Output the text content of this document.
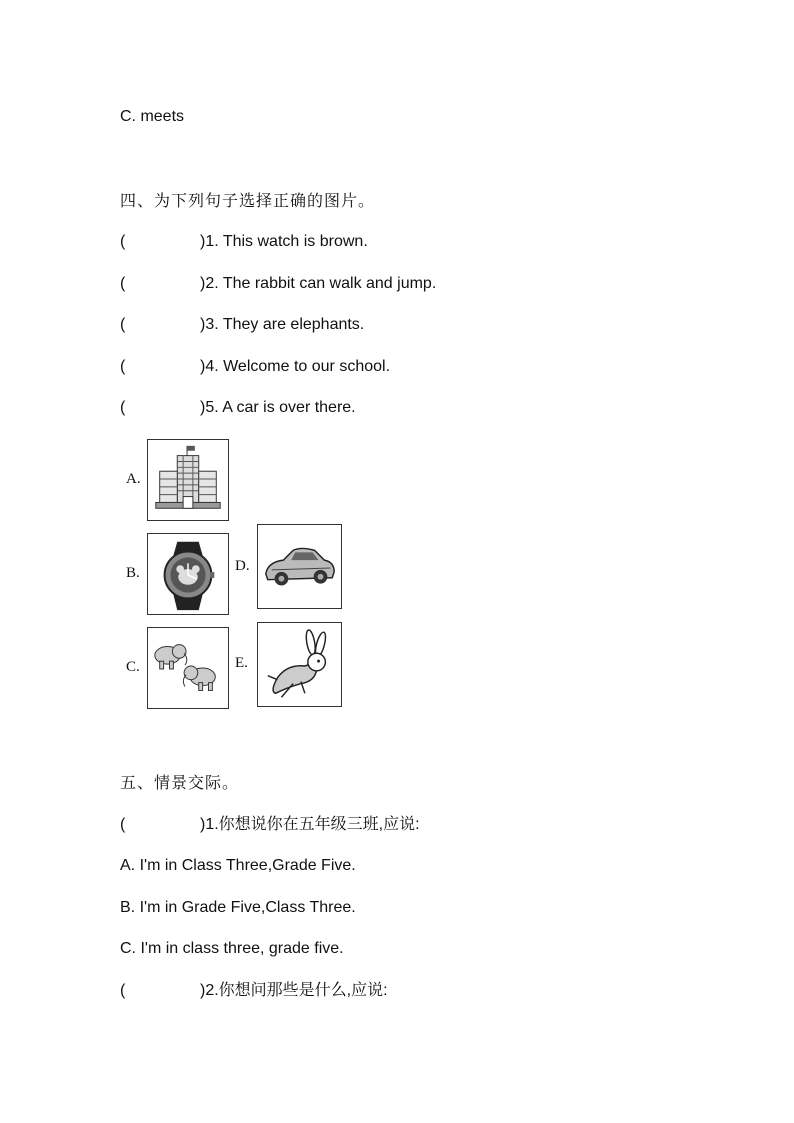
C. meets
四、为下列句子选择正确的图片。
(	)1. This watch is brown.
(	)2. The rabbit can walk and jump.
(	)3. They are elephants.
(	)4. Welcome to our school.
(	)5. A car is over there.
A.
B.
C.
D.
E.
五、情景交际。
(	)1.你想说你在五年级三班,应说:
A. I'm in Class Three,Grade Five.
B. I'm in Grade Five,Class Three.
C. I'm in class three, grade five.
(	)2.你想问那些是什么,应说:
